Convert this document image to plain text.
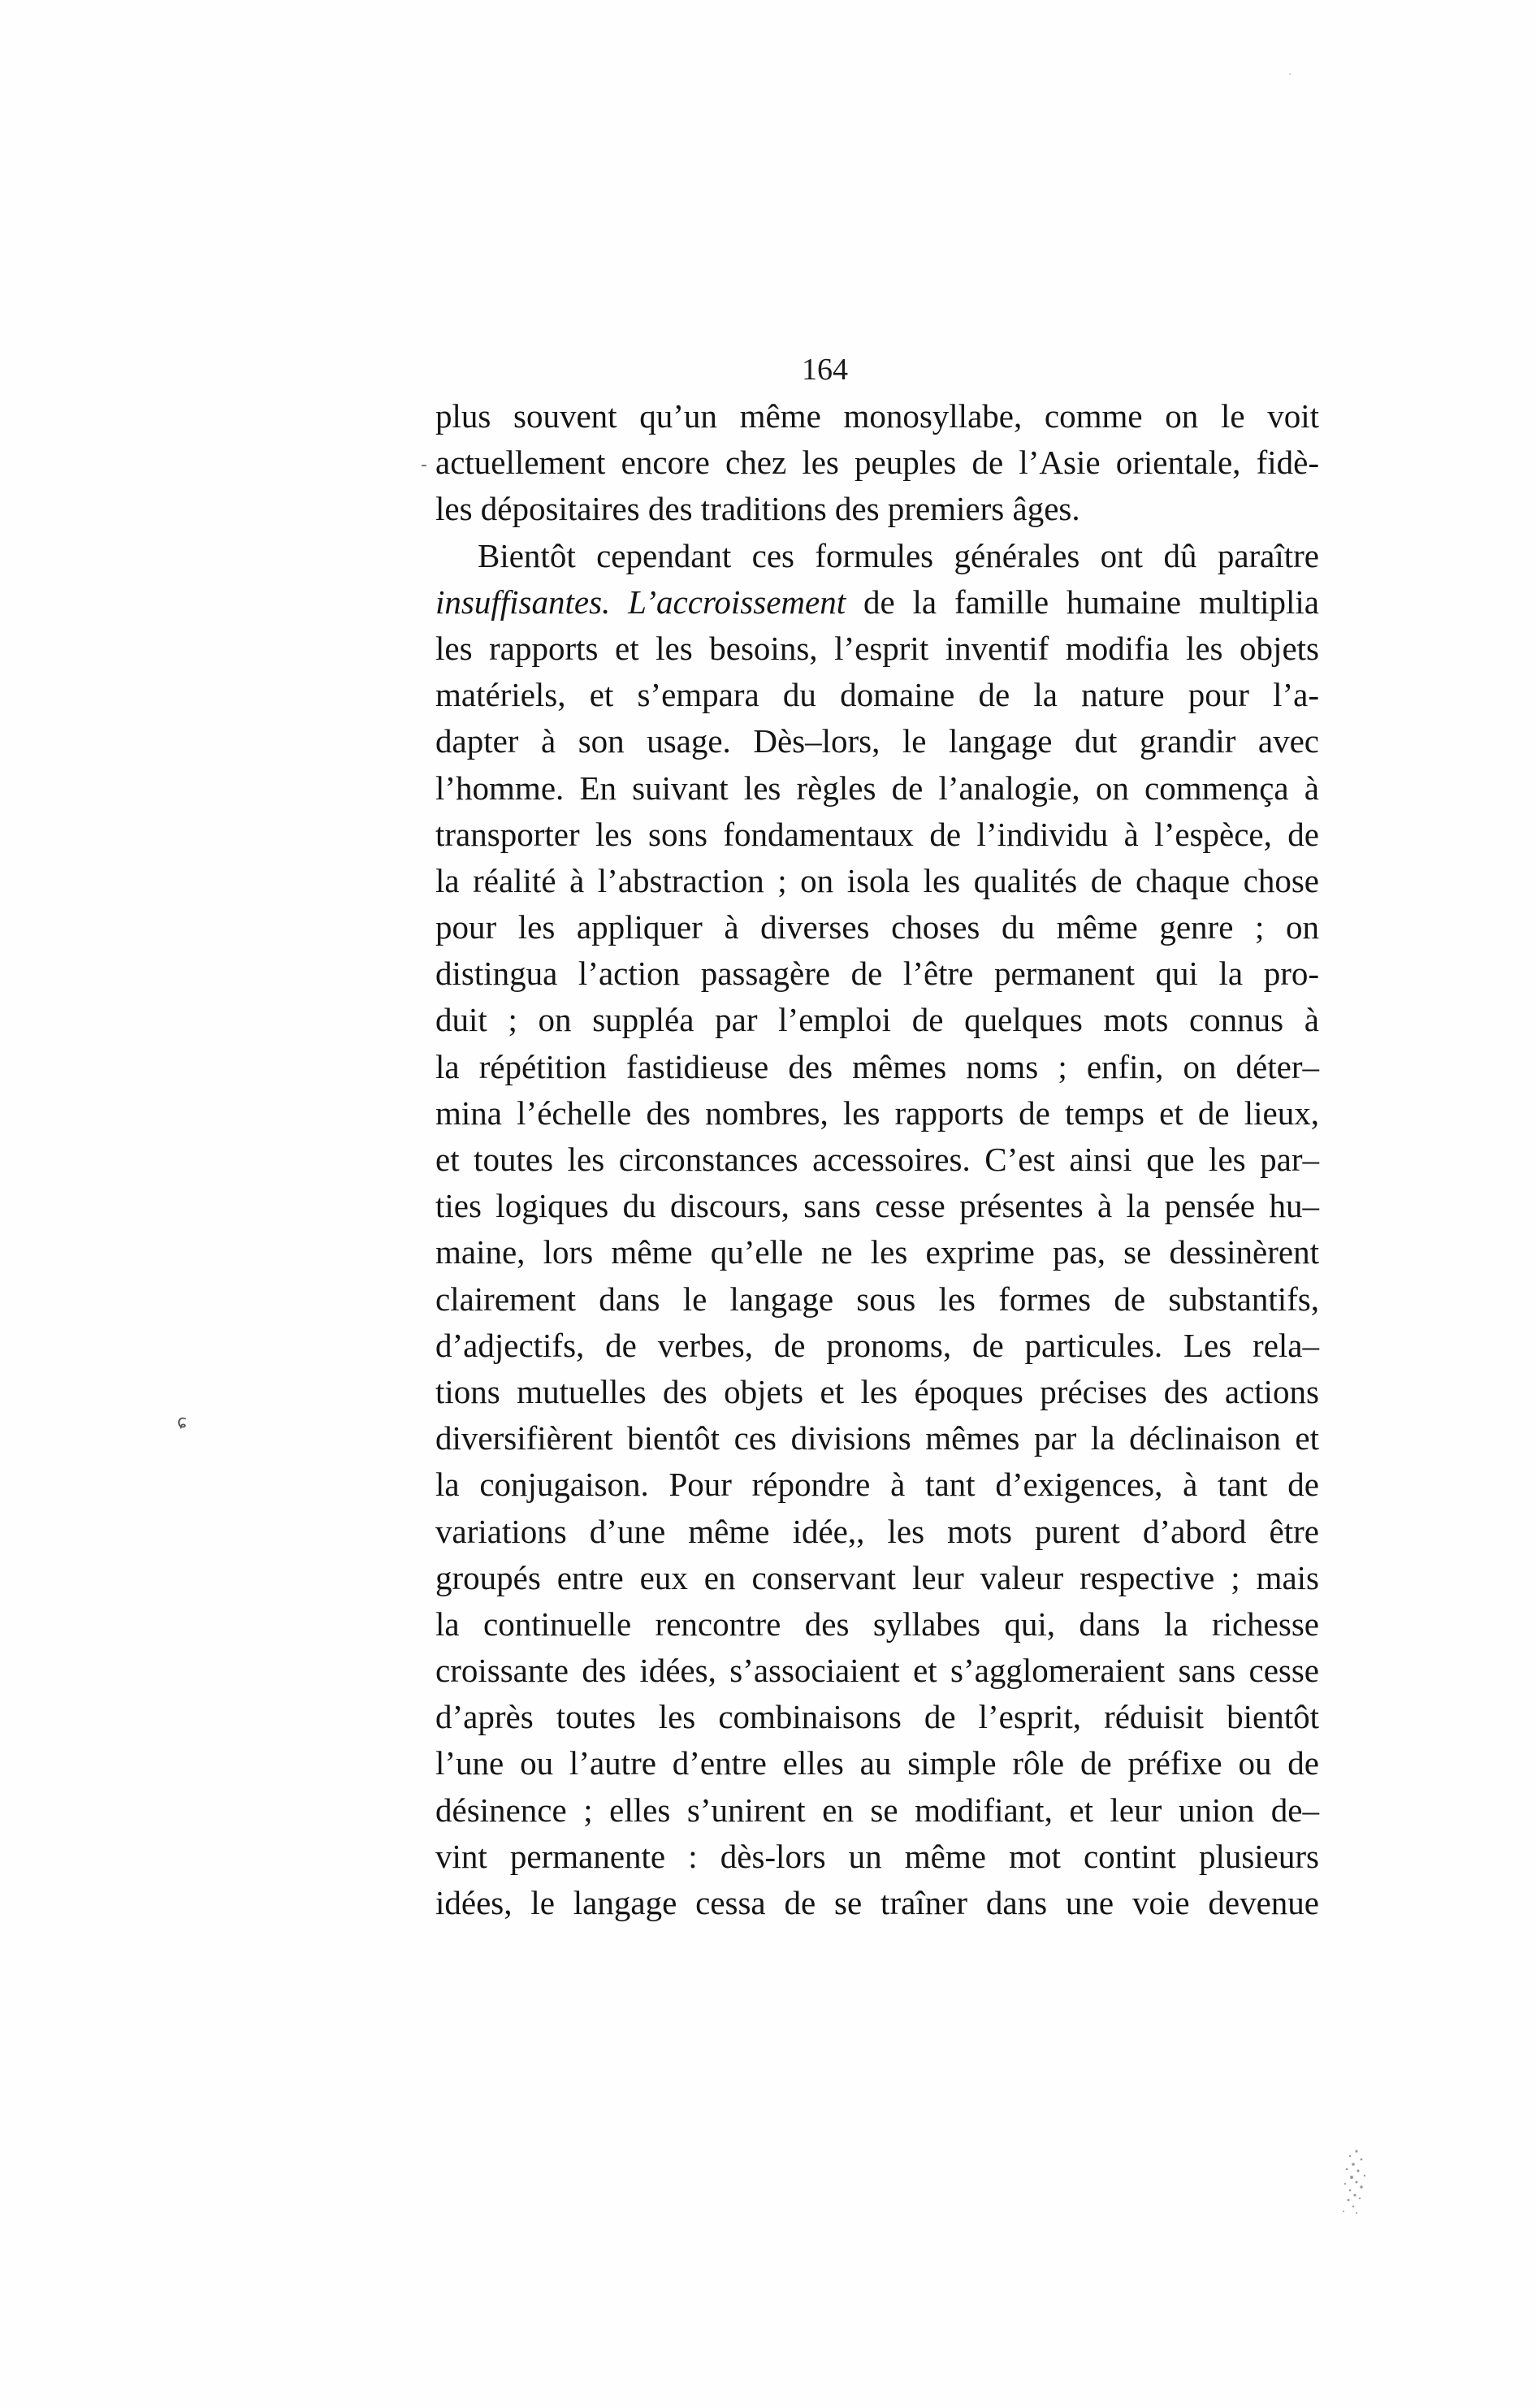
164
·
-
ɕ
plus souvent qu’un même monosyllabe, comme on le voit
actuellement encore chez les peuples de l’Asie orientale, fidè-
les dépositaires des traditions des premiers âges.
Bientôt cependant ces formules générales ont dû paraître
insuffisantes. L’accroissement de la famille humaine multiplia
les rapports et les besoins, l’esprit inventif modifia les objets
matériels, et s’empara du domaine de la nature pour l’a-
dapter à son usage. Dès–lors, le langage dut grandir avec
l’homme. En suivant les règles de l’analogie, on commença à
transporter les sons fondamentaux de l’individu à l’espèce, de
la réalité à l’abstraction ; on isola les qualités de chaque chose
pour les appliquer à diverses choses du même genre ; on
distingua l’action passagère de l’être permanent qui la pro-
duit ; on suppléa par l’emploi de quelques mots connus à
la répétition fastidieuse des mêmes noms ; enfin, on déter–
mina l’échelle des nombres, les rapports de temps et de lieux,
et toutes les circonstances accessoires. C’est ainsi que les par–
ties logiques du discours, sans cesse présentes à la pensée hu–
maine, lors même qu’elle ne les exprime pas, se dessinèrent
clairement dans le langage sous les formes de substantifs,
d’adjectifs, de verbes, de pronoms, de particules. Les rela–
tions mutuelles des objets et les époques précises des actions
diversifièrent bientôt ces divisions mêmes par la déclinaison et
la conjugaison. Pour répondre à tant d’exigences, à tant de
variations d’une même idée,, les mots purent d’abord être
groupés entre eux en conservant leur valeur respective ; mais
la continuelle rencontre des syllabes qui, dans la richesse
croissante des idées, s’associaient et s’agglomeraient sans cesse
d’après toutes les combinaisons de l’esprit, réduisit bientôt
l’une ou l’autre d’entre elles au simple rôle de préfixe ou de
désinence ; elles s’unirent en se modifiant, et leur union de–
vint permanente : dès-lors un même mot contint plusieurs
idées, le langage cessa de se traîner dans une voie devenue
